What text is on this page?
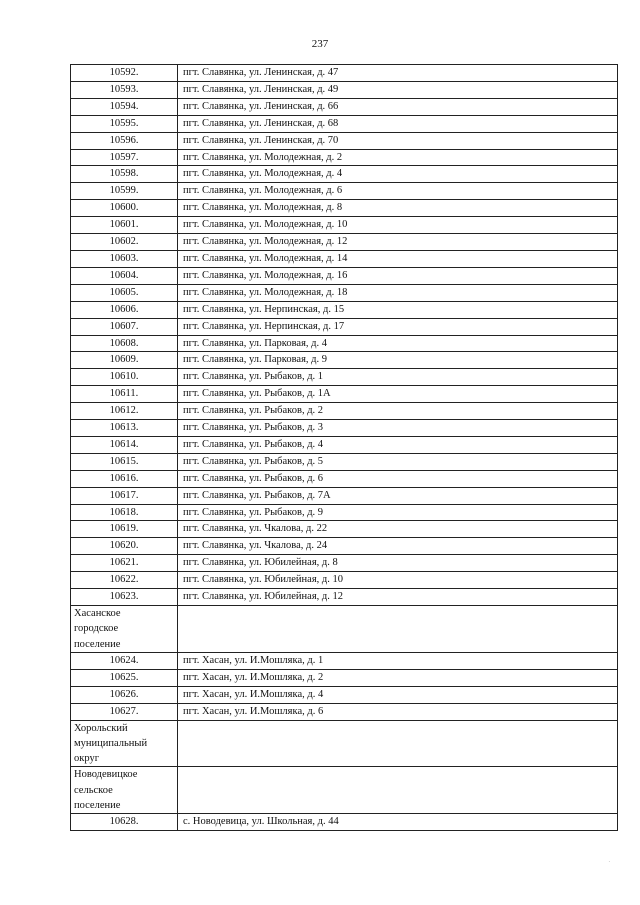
237
10592.	пгт. Славянка, ул. Ленинская, д. 47
10593.	пгт. Славянка, ул. Ленинская, д. 49
10594.	пгт. Славянка, ул. Ленинская, д. 66
10595.	пгт. Славянка, ул. Ленинская, д. 68
10596.	пгт. Славянка, ул. Ленинская, д. 70
10597.	пгт. Славянка, ул. Молодежная, д. 2
10598.	пгт. Славянка, ул. Молодежная, д. 4
10599.	пгт. Славянка, ул. Молодежная, д. 6
10600.	пгт. Славянка, ул. Молодежная, д. 8
10601.	пгт. Славянка, ул. Молодежная, д. 10
10602.	пгт. Славянка, ул. Молодежная, д. 12
10603.	пгт. Славянка, ул. Молодежная, д. 14
10604.	пгт. Славянка, ул. Молодежная, д. 16
10605.	пгт. Славянка, ул. Молодежная, д. 18
10606.	пгт. Славянка, ул. Нерпинская, д. 15
10607.	пгт. Славянка, ул. Нерпинская, д. 17
10608.	пгт. Славянка, ул. Парковая, д. 4
10609.	пгт. Славянка, ул. Парковая, д. 9
10610.	пгт. Славянка, ул. Рыбаков, д. 1
10611.	пгт. Славянка, ул. Рыбаков, д. 1А
10612.	пгт. Славянка, ул. Рыбаков, д. 2
10613.	пгт. Славянка, ул. Рыбаков, д. 3
10614.	пгт. Славянка, ул. Рыбаков, д. 4
10615.	пгт. Славянка, ул. Рыбаков, д. 5
10616.	пгт. Славянка, ул. Рыбаков, д. 6
10617.	пгт. Славянка, ул. Рыбаков, д. 7А
10618.	пгт. Славянка, ул. Рыбаков, д. 9
10619.	пгт. Славянка, ул. Чкалова, д. 22
10620.	пгт. Славянка, ул. Чкалова, д. 24
10621.	пгт. Славянка, ул. Юбилейная, д. 8
10622.	пгт. Славянка, ул. Юбилейная, д. 10
10623.	пгт. Славянка, ул. Юбилейная, д. 12

Хасанское
городское
поселение	

10624.	пгт. Хасан, ул. И.Мошляка, д. 1
10625.	пгт. Хасан, ул. И.Мошляка, д. 2
10626.	пгт. Хасан, ул. И.Мошляка, д. 4
10627.	пгт. Хасан, ул. И.Мошляка, д. 6

Хорольский
муниципальный
округ	

Новодевицкое
сельское
поселение	

10628.	с. Новодевица, ул. Школьная, д. 44
.
